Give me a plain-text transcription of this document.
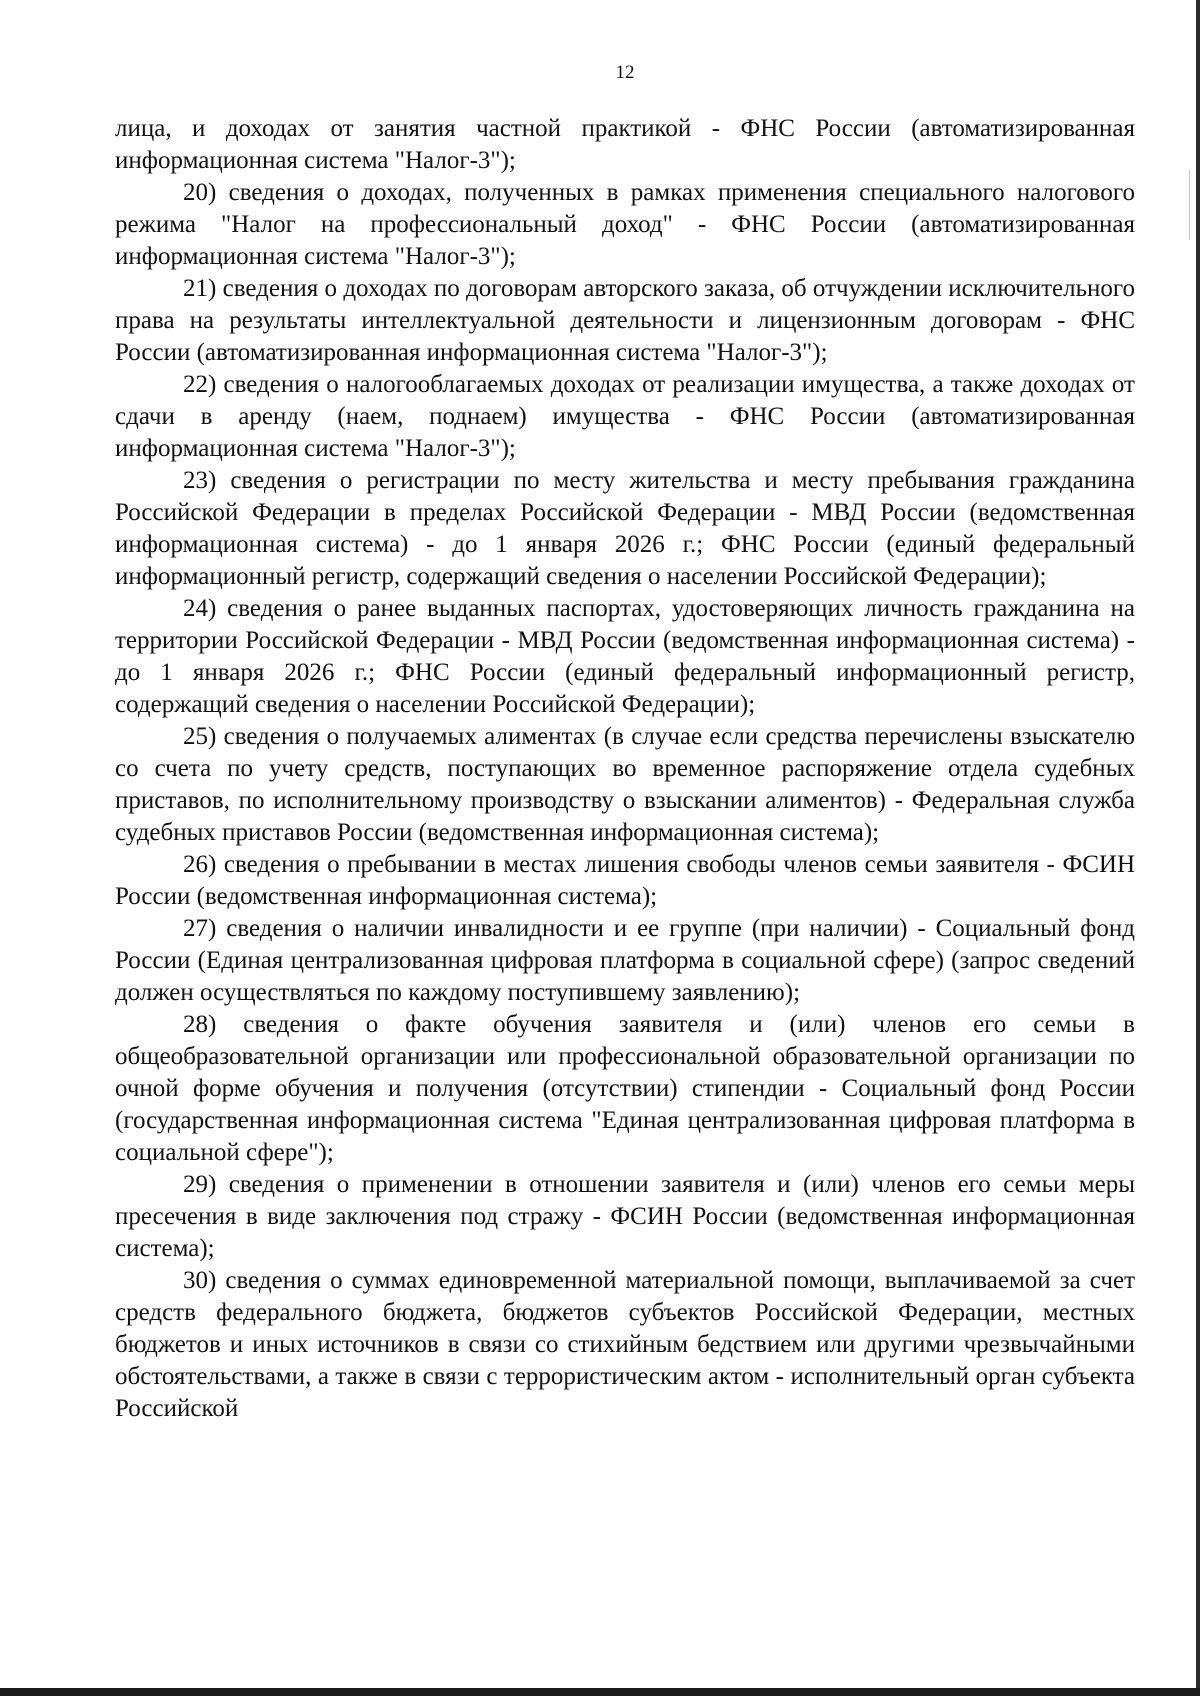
12

лица, и доходах от занятия частной практикой - ФНС России (автоматизированная информационная система "Налог-3");

20) сведения о доходах, полученных в рамках применения специального налогового режима "Налог на профессиональный доход" - ФНС России (автоматизированная информационная система "Налог-3");

21) сведения о доходах по договорам авторского заказа, об отчуждении исключительного права на результаты интеллектуальной деятельности и лицензионным договорам - ФНС России (автоматизированная информационная система "Налог-3");

22) сведения о налогооблагаемых доходах от реализации имущества, а также доходах от сдачи в аренду (наем, поднаем) имущества - ФНС России (автоматизированная информационная система "Налог-3");

23) сведения о регистрации по месту жительства и месту пребывания гражданина Российской Федерации в пределах Российской Федерации - МВД России (ведомственная информационная система) - до 1 января 2026 г.; ФНС России (единый федеральный информационный регистр, содержащий сведения о населении Российской Федерации);

24) сведения о ранее выданных паспортах, удостоверяющих личность гражданина на территории Российской Федерации - МВД России (ведомственная информационная система) - до 1 января 2026 г.; ФНС России (единый федеральный информационный регистр, содержащий сведения о населении Российской Федерации);

25) сведения о получаемых алиментах (в случае если средства перечислены взыскателю со счета по учету средств, поступающих во временное распоряжение отдела судебных приставов, по исполнительному производству о взыскании алиментов) - Федеральная служба судебных приставов России (ведомственная информационная система);

26) сведения о пребывании в местах лишения свободы членов семьи заявителя - ФСИН России (ведомственная информационная система);

27) сведения о наличии инвалидности и ее группе (при наличии) - Социальный фонд России (Единая централизованная цифровая платформа в социальной сфере) (запрос сведений должен осуществляться по каждому поступившему заявлению);

28) сведения о факте обучения заявителя и (или) членов его семьи в общеобразовательной организации или профессиональной образовательной организации по очной форме обучения и получения (отсутствии) стипендии - Социальный фонд России (государственная информационная система "Единая централизованная цифровая платформа в социальной сфере");

29) сведения о применении в отношении заявителя и (или) членов его семьи меры пресечения в виде заключения под стражу - ФСИН России (ведомственная информационная система);

30) сведения о суммах единовременной материальной помощи, выплачиваемой за счет средств федерального бюджета, бюджетов субъектов Российской Федерации, местных бюджетов и иных источников в связи со стихийным бедствием или другими чрезвычайными обстоятельствами, а также в связи с террористическим актом - исполнительный орган субъекта Российской
